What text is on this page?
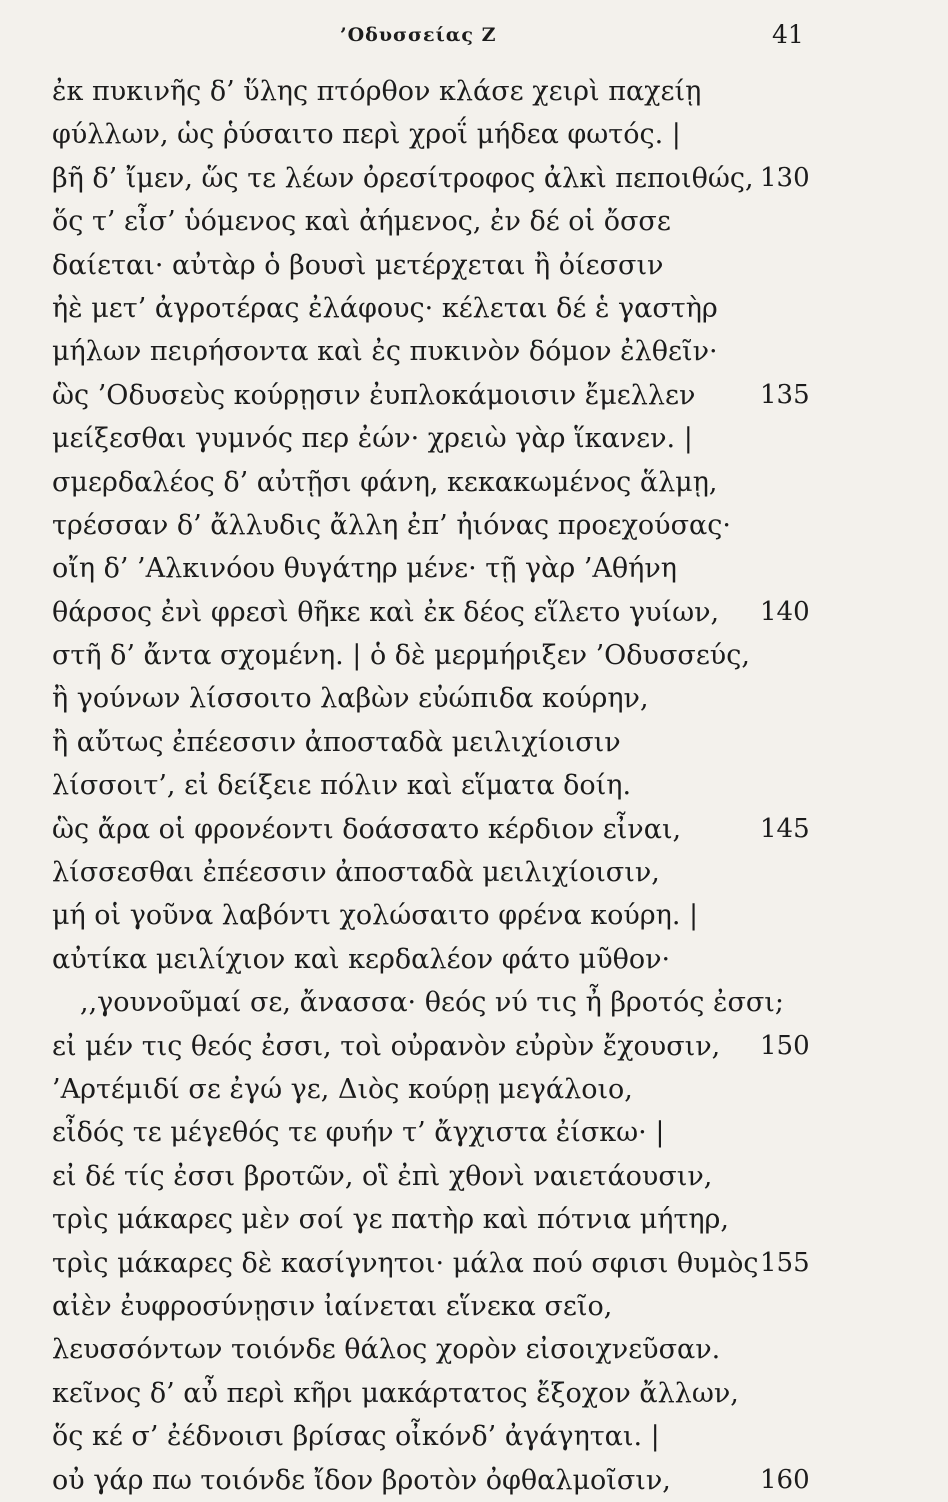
’Οδυσσείας Ζ	41
ἐκ πυκινῆς δ’ ὕλης πτόρθον κλάσε χειρὶ παχείῃ
φύλλων, ὡς ῥύσαιτο περὶ χροΐ μήδεα φωτός. |
βῆ δ’ ἴμεν, ὥς τε λέων ὀρεσίτροφος ἀλκὶ πεποιθώς, 130
ὅς τ’ εἶσ’ ὑόμενος καὶ ἀήμενος, ἐν δέ οἱ ὄσσε
δαίεται· αὐτὰρ ὁ βουσὶ μετέρχεται ἢ ὀίεσσιν
ἠὲ μετ’ ἀγροτέρας ἐλάφους· κέλεται δέ ἑ γαστὴρ
μήλων πειρήσοντα καὶ ἐς πυκινὸν δόμον ἐλθεῖν·
ὣς ’Οδυσεὺς κούρῃσιν ἐυπλοκάμοισιν ἔμελλεν 135
μείξεσθαι γυμνός περ ἐών· χρειὼ γὰρ ἵκανεν. |
σμερδαλέος δ’ αὐτῇσι φάνη, κεκακωμένος ἅλμῃ,
τρέσσαν δ’ ἄλλυδις ἄλλη ἐπ’ ἠιόνας προεχούσας·
οἴη δ’ ’Αλκινόου θυγάτηρ μένε· τῇ γὰρ ’Αθήνη
θάρσος ἐνὶ φρεσὶ θῆκε καὶ ἐκ δέος εἵλετο γυίων, 140
στῆ δ’ ἄντα σχομένη. | ὁ δὲ μερμήριξεν ’Οδυσσεύς,
ἢ γούνων λίσσοιτο λαβὼν εὐώπιδα κούρην,
ἢ αὔτως ἐπέεσσιν ἀποσταδὰ μειλιχίοισιν
λίσσοιτ’, εἰ δείξειε πόλιν καὶ εἵματα δοίη.
ὣς ἄρα οἱ φρονέοντι δοάσσατο κέρδιον εἶναι,	145
λίσσεσθαι ἐπέεσσιν ἀποσταδὰ μειλιχίοισιν,
μή οἱ γοῦνα λαβόντι χολώσαιτο φρένα κούρη. |
αὐτίκα μειλίχιον καὶ κερδαλέον φάτο μῦθον·
,,γουνοῦμαί σε, ἄνασσα· θεός νύ τις ἦ βροτός ἐσσι;
εἰ μέν τις θεός ἐσσι, τοὶ οὐρανὸν εὐρὺν ἔχουσιν, 150
’Αρτέμιδί σε ἐγώ γε, Διὸς κούρῃ μεγάλοιο,
εἶδός τε μέγεθός τε φυήν τ’ ἄγχιστα ἐίσκω· |
εἰ δέ τίς ἐσσι βροτῶν, οἳ ἐπὶ χθονὶ ναιετάουσιν,
τρὶς μάκαρες μὲν σοί γε πατὴρ καὶ πότνια μήτηρ,
τρὶς μάκαρες δὲ κασίγνητοι· μάλα πού σφισι θυμὸς 155
αἰὲν ἐυφροσύνῃσιν ἰαίνεται εἵνεκα σεῖο,
λευσσόντων τοιόνδε θάλος χορὸν εἰσοιχνεῦσαν.
κεῖνος δ’ αὖ περὶ κῆρι μακάρτατος ἔξοχον ἄλλων,
ὅς κέ σ’ ἐέδνοισι βρίσας οἶκόνδ’ ἀγάγηται. |
οὐ γάρ πω τοιόνδε ἴδον βροτὸν ὀφθαλμοῖσιν,	160
